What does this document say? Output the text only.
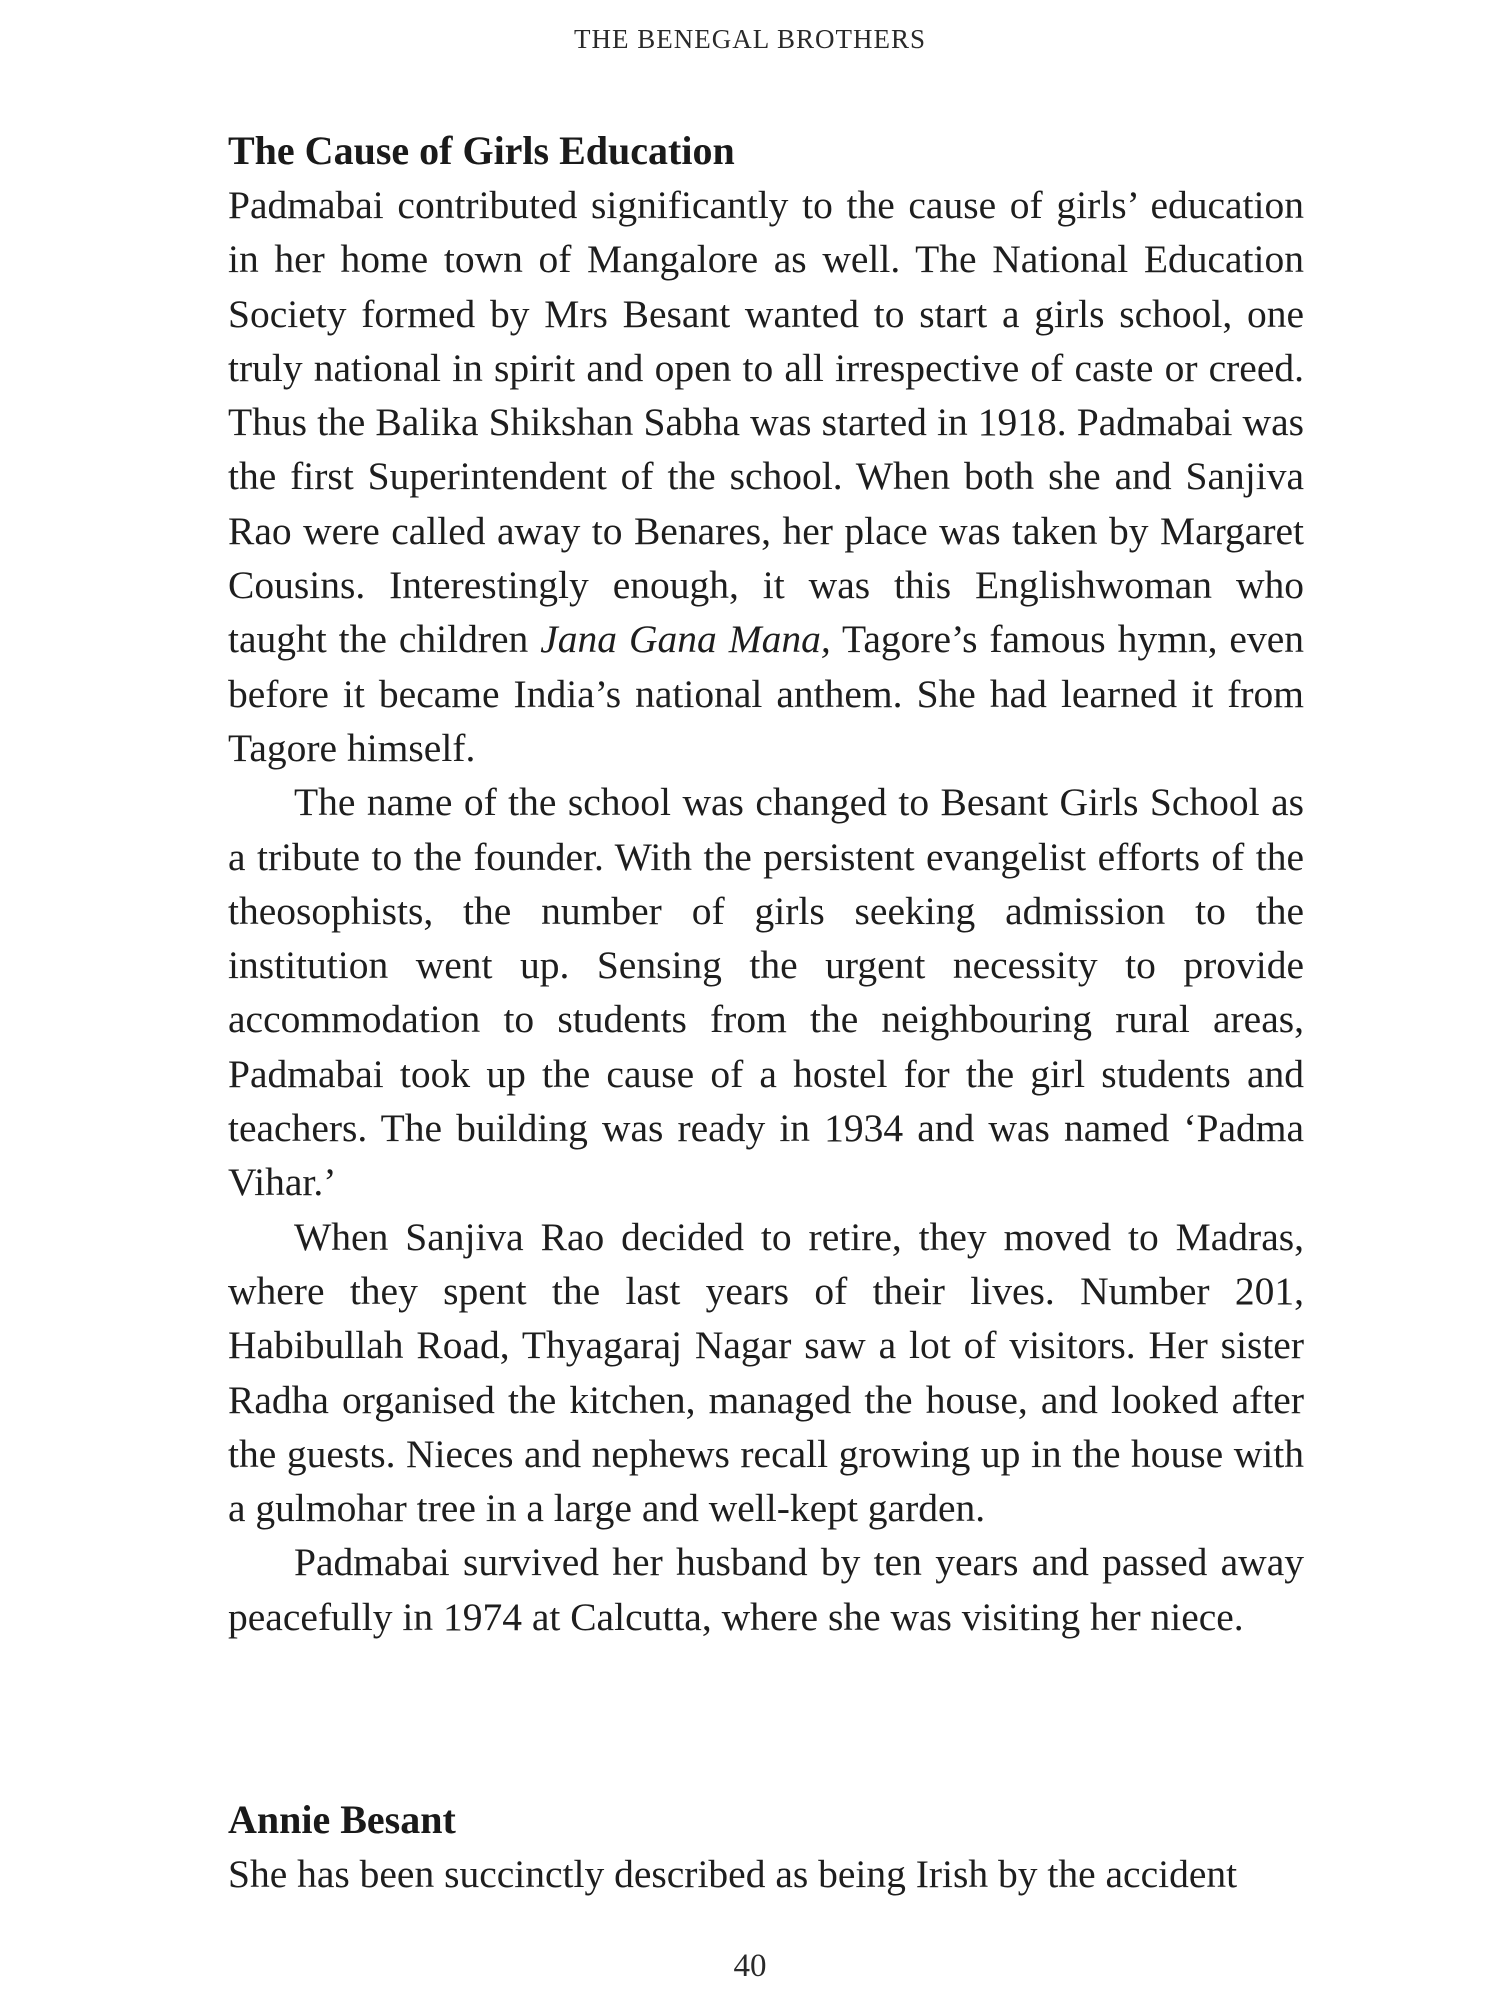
THE BENEGAL BROTHERS
The Cause of Girls Education

Padmabai contributed significantly to the cause of girls’ education in her home town of Mangalore as well. The National Education Society formed by Mrs Besant wanted to start a girls school, one truly national in spirit and open to all irrespective of caste or creed. Thus the Balika Shikshan Sabha was started in 1918. Padmabai was the first Superintendent of the school. When both she and Sanjiva Rao were called away to Benares, her place was taken by Margaret Cousins. Interestingly enough, it was this Englishwoman who taught the children Jana Gana Mana, Tagore’s famous hymn, even before it became India’s national anthem. She had learned it from Tagore himself.

The name of the school was changed to Besant Girls School as a tribute to the founder. With the persistent evangelist efforts of the theosophists, the number of girls seeking admission to the institution went up. Sensing the urgent necessity to provide accommodation to students from the neighbouring rural areas, Padmabai took up the cause of a hostel for the girl students and teachers. The building was ready in 1934 and was named ‘Padma Vihar.’

When Sanjiva Rao decided to retire, they moved to Madras, where they spent the last years of their lives. Number 201, Habibullah Road, Thyagaraj Nagar saw a lot of visitors. Her sister Radha organised the kitchen, managed the house, and looked after the guests. Nieces and nephews recall growing up in the house with a gulmohar tree in a large and well-kept garden.

Padmabai survived her husband by ten years and passed away peacefully in 1974 at Calcutta, where she was visiting her niece.

Annie Besant

She has been succinctly described as being Irish by the accident

40
